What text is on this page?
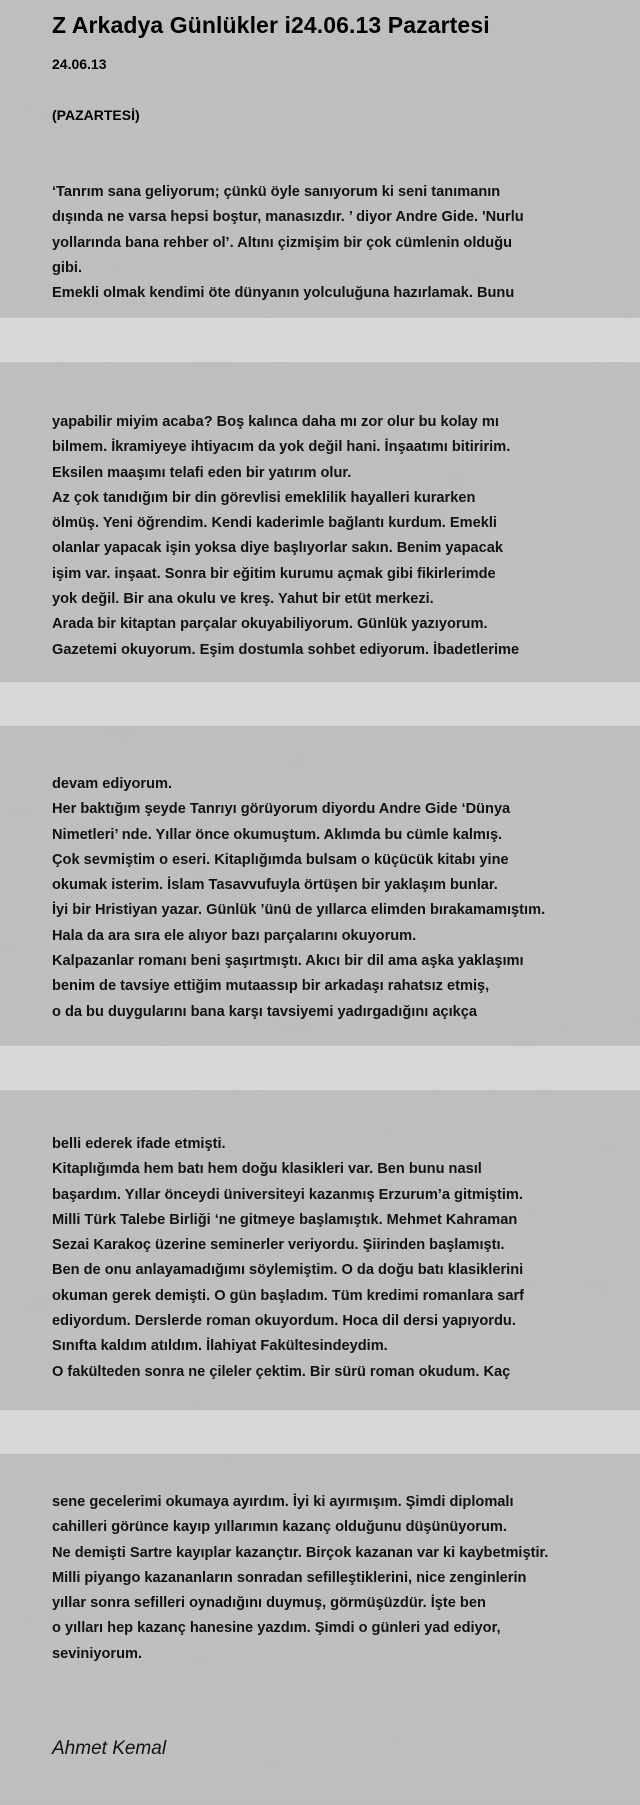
Z Arkadya Günlükler i24.06.13 Pazartesi
24.06.13
(PAZARTESİ)
‘Tanrım sana geliyorum; çünkü öyle sanıyorum ki seni tanımanın
dışında ne varsa hepsi boştur, manasızdır. ’ diyor Andre Gide. 'Nurlu
yollarında bana rehber ol’. Altını çizmişim bir çok cümlenin olduğu
gibi.
Emekli olmak kendimi öte dünyanın yolculuğuna hazırlamak. Bunu
yapabilir miyim acaba? Boş kalınca daha mı zor olur bu kolay mı
bilmem. İkramiyeye ihtiyacım da yok değil hani. İnşaatımı bitiririm.
Eksilen maaşımı telafi eden bir yatırım olur.
Az çok tanıdığım bir din görevlisi emeklilik hayalleri kurarken
ölmüş. Yeni öğrendim. Kendi kaderimle bağlantı kurdum. Emekli
olanlar yapacak işin yoksa diye başlıyorlar sakın. Benim yapacak
işim var. inşaat. Sonra bir eğitim kurumu açmak gibi fikirlerimde
yok değil. Bir ana okulu ve kreş. Yahut bir etüt merkezi.
Arada bir kitaptan parçalar okuyabiliyorum. Günlük yazıyorum.
Gazetemi okuyorum. Eşim dostumla sohbet ediyorum. İbadetlerime
devam ediyorum.
Her baktığım şeyde Tanrıyı görüyorum diyordu Andre Gide ‘Dünya
Nimetleri’ nde. Yıllar önce okumuştum. Aklımda bu cümle kalmış.
Çok sevmiştim o eseri. Kitaplığımda bulsam o küçücük kitabı yine
okumak isterim. İslam Tasavvufuyla örtüşen bir yaklaşım bunlar.
İyi bir Hristiyan yazar. Günlük ’ünü de yıllarca elimden bırakamamıştım.
Hala da ara sıra ele alıyor bazı parçalarını okuyorum.
Kalpazanlar romanı beni şaşırtmıştı. Akıcı bir dil ama aşka yaklaşımı
benim de tavsiye ettiğim mutaassıp bir arkadaşı rahatsız etmiş,
o da bu duygularını bana karşı tavsiyemi yadırgadığını açıkça
belli ederek ifade etmişti.
Kitaplığımda hem batı hem doğu klasikleri var. Ben bunu nasıl
başardım. Yıllar önceydi üniversiteyi kazanmış Erzurum’a gitmiştim.
Milli Türk Talebe Birliği ‘ne gitmeye başlamıştık. Mehmet Kahraman
Sezai Karakoç üzerine seminerler veriyordu. Şiirinden başlamıştı.
Ben de onu anlayamadığımı söylemiştim. O da doğu batı klasiklerini
okuman gerek demişti. O gün başladım. Tüm kredimi romanlara sarf
ediyordum. Derslerde roman okuyordum. Hoca dil dersi yapıyordu.
Sınıfta kaldım atıldım. İlahiyat Fakültesindeydim.
O fakülteden sonra ne çileler çektim. Bir sürü roman okudum. Kaç
sene gecelerimi okumaya ayırdım. İyi ki ayırmışım. Şimdi diplomalı
cahilleri görünce kayıp yıllarımın kazanç olduğunu düşünüyorum.
Ne demişti Sartre kayıplar kazançtır. Birçok kazanan var ki kaybetmiştir.
Milli piyango kazananların sonradan sefilleştiklerini, nice zenginlerin
yıllar sonra sefilleri oynadığını duymuş, görmüşüzdür. İşte ben
o yılları hep kazanç hanesine yazdım. Şimdi o günleri yad ediyor,
seviniyorum.
Ahmet Kemal
